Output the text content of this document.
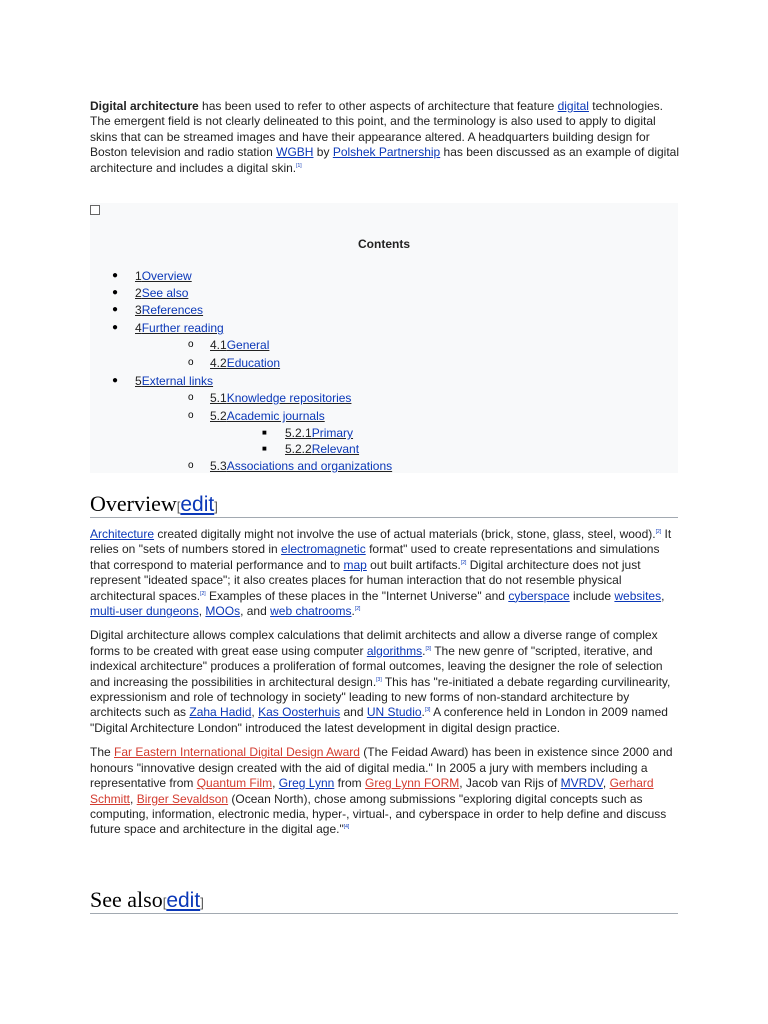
Digital architecture has been used to refer to other aspects of architecture that feature digital technologies. The emergent field is not clearly delineated to this point, and the terminology is also used to apply to digital skins that can be streamed images and have their appearance altered. A headquarters building design for Boston television and radio station WGBH by Polshek Partnership has been discussed as an example of digital architecture and includes a digital skin.[1]

Contents
● 1Overview
● 2See also
● 3References
● 4Further reading
o 4.1General
o 4.2Education
● 5External links
o 5.1Knowledge repositories
o 5.2Academic journals
■ 5.2.1Primary
■ 5.2.2Relevant
o 5.3Associations and organizations
Overview[edit]

Architecture created digitally might not involve the use of actual materials (brick, stone, glass, steel, wood).[2] It relies on "sets of numbers stored in electromagnetic format" used to create representations and simulations that correspond to material performance and to map out built artifacts.[2] Digital architecture does not just represent "ideated space"; it also creates places for human interaction that do not resemble physical architectural spaces.[2] Examples of these places in the "Internet Universe" and cyberspace include websites, multi-user dungeons, MOOs, and web chatrooms.[2]

Digital architecture allows complex calculations that delimit architects and allow a diverse range of complex forms to be created with great ease using computer algorithms.[3] The new genre of "scripted, iterative, and indexical architecture" produces a proliferation of formal outcomes, leaving the designer the role of selection and increasing the possibilities in architectural design.[3] This has "re-initiated a debate regarding curvilinearity, expressionism and role of technology in society" leading to new forms of non-standard architecture by architects such as Zaha Hadid, Kas Oosterhuis and UN Studio.[3] A conference held in London in 2009 named "Digital Architecture London" introduced the latest development in digital design practice.

The Far Eastern International Digital Design Award (The Feidad Award) has been in existence since 2000 and honours "innovative design created with the aid of digital media." In 2005 a jury with members including a representative from Quantum Film, Greg Lynn from Greg Lynn FORM, Jacob van Rijs of MVRDV, Gerhard Schmitt, Birger Sevaldson (Ocean North), chose among submissions "exploring digital concepts such as computing, information, electronic media, hyper-, virtual-, and cyberspace in order to help define and discuss future space and architecture in the digital age."[4]

See also[edit]
